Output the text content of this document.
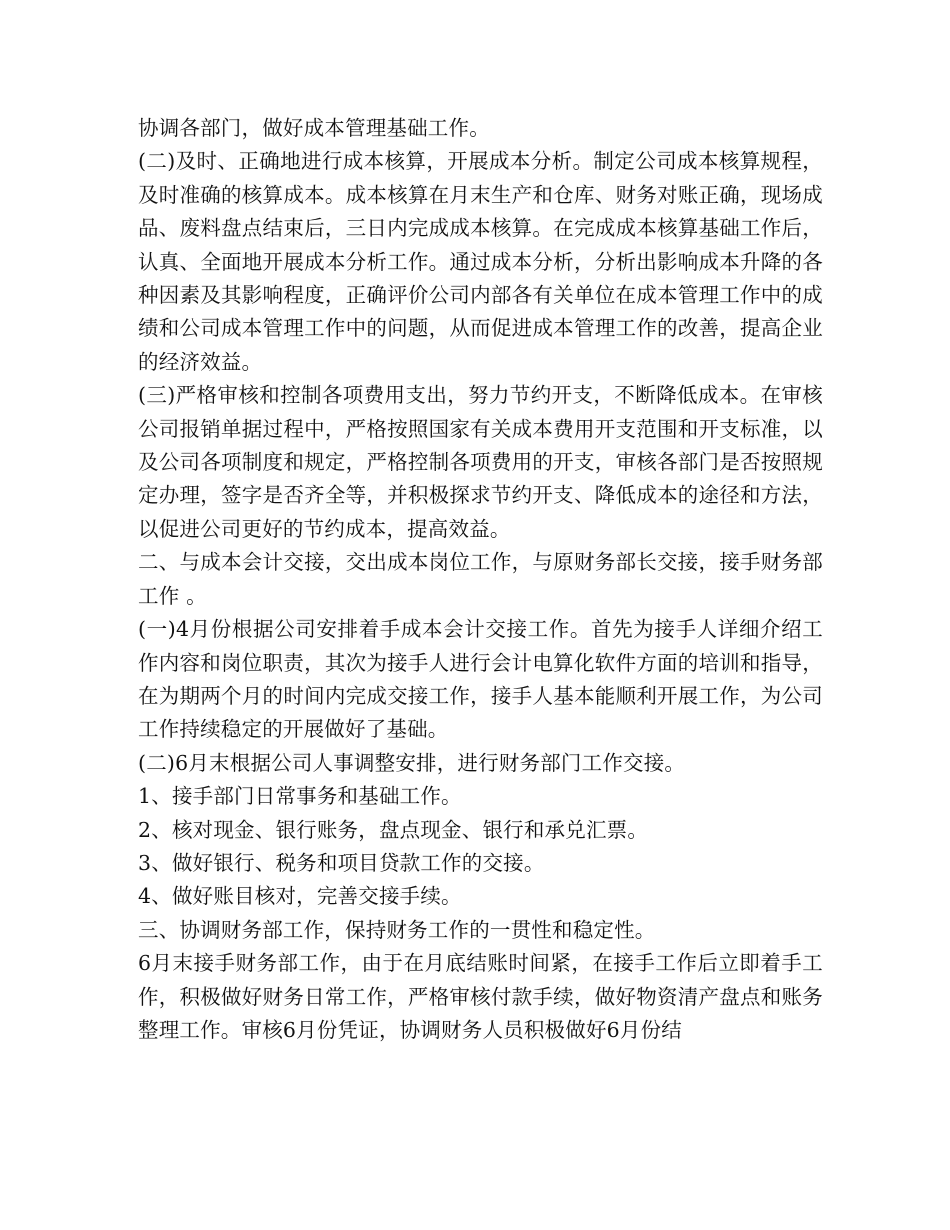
协调各部门，做好成本管理基础工作。

(二)及时、正确地进行成本核算，开展成本分析。制定公司成本核算规程，及时准确的核算成本。成本核算在月末生产和仓库、财务对账正确，现场成品、废料盘点结束后，三日内完成成本核算。在完成成本核算基础工作后，认真、全面地开展成本分析工作。通过成本分析，分析出影响成本升降的各种因素及其影响程度，正确评价公司内部各有关单位在成本管理工作中的成绩和公司成本管理工作中的问题，从而促进成本管理工作的改善，提高企业的经济效益。

(三)严格审核和控制各项费用支出，努力节约开支，不断降低成本。在审核公司报销单据过程中，严格按照国家有关成本费用开支范围和开支标准，以及公司各项制度和规定，严格控制各项费用的开支，审核各部门是否按照规定办理，签字是否齐全等，并积极探求节约开支、降低成本的途径和方法，以促进公司更好的节约成本，提高效益。

二、与成本会计交接，交出成本岗位工作，与原财务部长交接，接手财务部工作 。

(一)4月份根据公司安排着手成本会计交接工作。首先为接手人详细介绍工作内容和岗位职责，其次为接手人进行会计电算化软件方面的培训和指导，在为期两个月的时间内完成交接工作，接手人基本能顺利开展工作，为公司工作持续稳定的开展做好了基础。

(二)6月末根据公司人事调整安排，进行财务部门工作交接。

1、接手部门日常事务和基础工作。

2、核对现金、银行账务，盘点现金、银行和承兑汇票。

3、做好银行、税务和项目贷款工作的交接。

4、做好账目核对，完善交接手续。

三、协调财务部工作，保持财务工作的一贯性和稳定性。

6月末接手财务部工作，由于在月底结账时间紧，在接手工作后立即着手工作，积极做好财务日常工作，严格审核付款手续，做好物资清产盘点和账务整理工作。审核6月份凭证，协调财务人员积极做好6月份结
